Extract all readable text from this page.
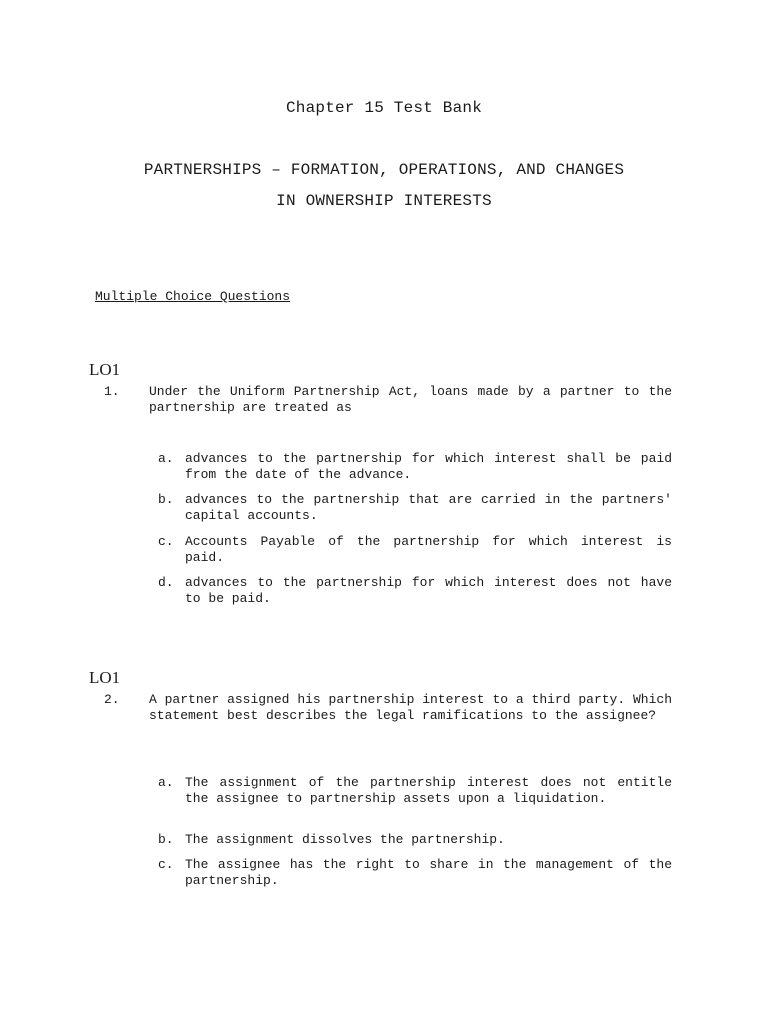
Chapter 15 Test Bank
PARTNERSHIPS – FORMATION, OPERATIONS, AND CHANGES
IN OWNERSHIP INTERESTS
Multiple Choice Questions
LO1
1.	Under the Uniform Partnership Act, loans made by a partner to the partnership are treated as
a. advances to the partnership for which interest shall be paid from the date of the advance.
b. advances to the partnership that are carried in the partners' capital accounts.
c. Accounts Payable of the partnership for which interest is paid.
d. advances to the partnership for which interest does not have to be paid.
LO1
2.	A partner assigned his partnership interest to a third party. Which statement best describes the legal ramifications to the assignee?
a. The assignment of the partnership interest does not entitle the assignee to partnership assets upon a liquidation.
b. The assignment dissolves the partnership.
c. The assignee has the right to share in the management of the partnership.
